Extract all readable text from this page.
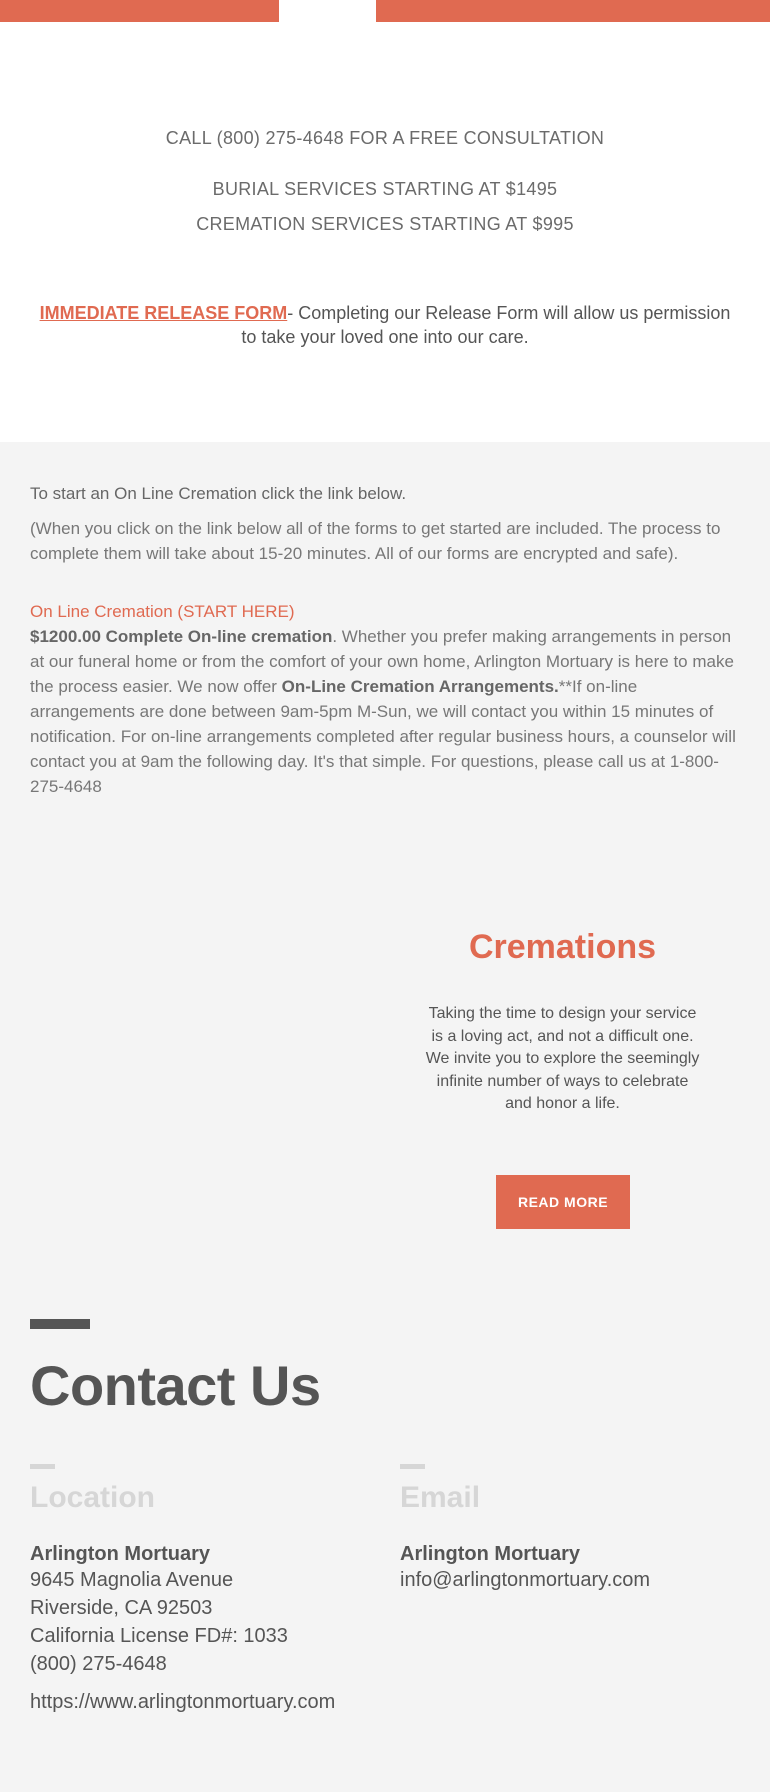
CALL (800) 275-4648 FOR A FREE CONSULTATION
BURIAL SERVICES STARTING AT $1495
CREMATION SERVICES STARTING AT $995
IMMEDIATE RELEASE FORM- Completing our Release Form will allow us permission to take your loved one into our care.
To start an On Line Cremation click the link below.
(When you click on the link below all of the forms to get started are included. The process to complete them will take about 15-20 minutes. All of our forms are encrypted and safe).
On Line Cremation (START HERE)
$1200.00 Complete On-line cremation. Whether you prefer making arrangements in person at our funeral home or from the comfort of your own home, Arlington Mortuary is here to make the process easier. We now offer On-Line Cremation Arrangements.**If on-line arrangements are done between 9am-5pm M-Sun, we will contact you within 15 minutes of notification. For on-line arrangements completed after regular business hours, a counselor will contact you at 9am the following day. It's that simple. For questions, please call us at 1-800-275-4648
Cremations
Taking the time to design your service is a loving act, and not a difficult one. We invite you to explore the seemingly infinite number of ways to celebrate and honor a life.
READ MORE
Contact Us
Location
Arlington Mortuary
9645 Magnolia Avenue
Riverside, CA 92503
California License FD#: 1033
(800) 275-4648
https://www.arlingtonmortuary.com
Email
Arlington Mortuary
info@arlingtonmortuary.com
